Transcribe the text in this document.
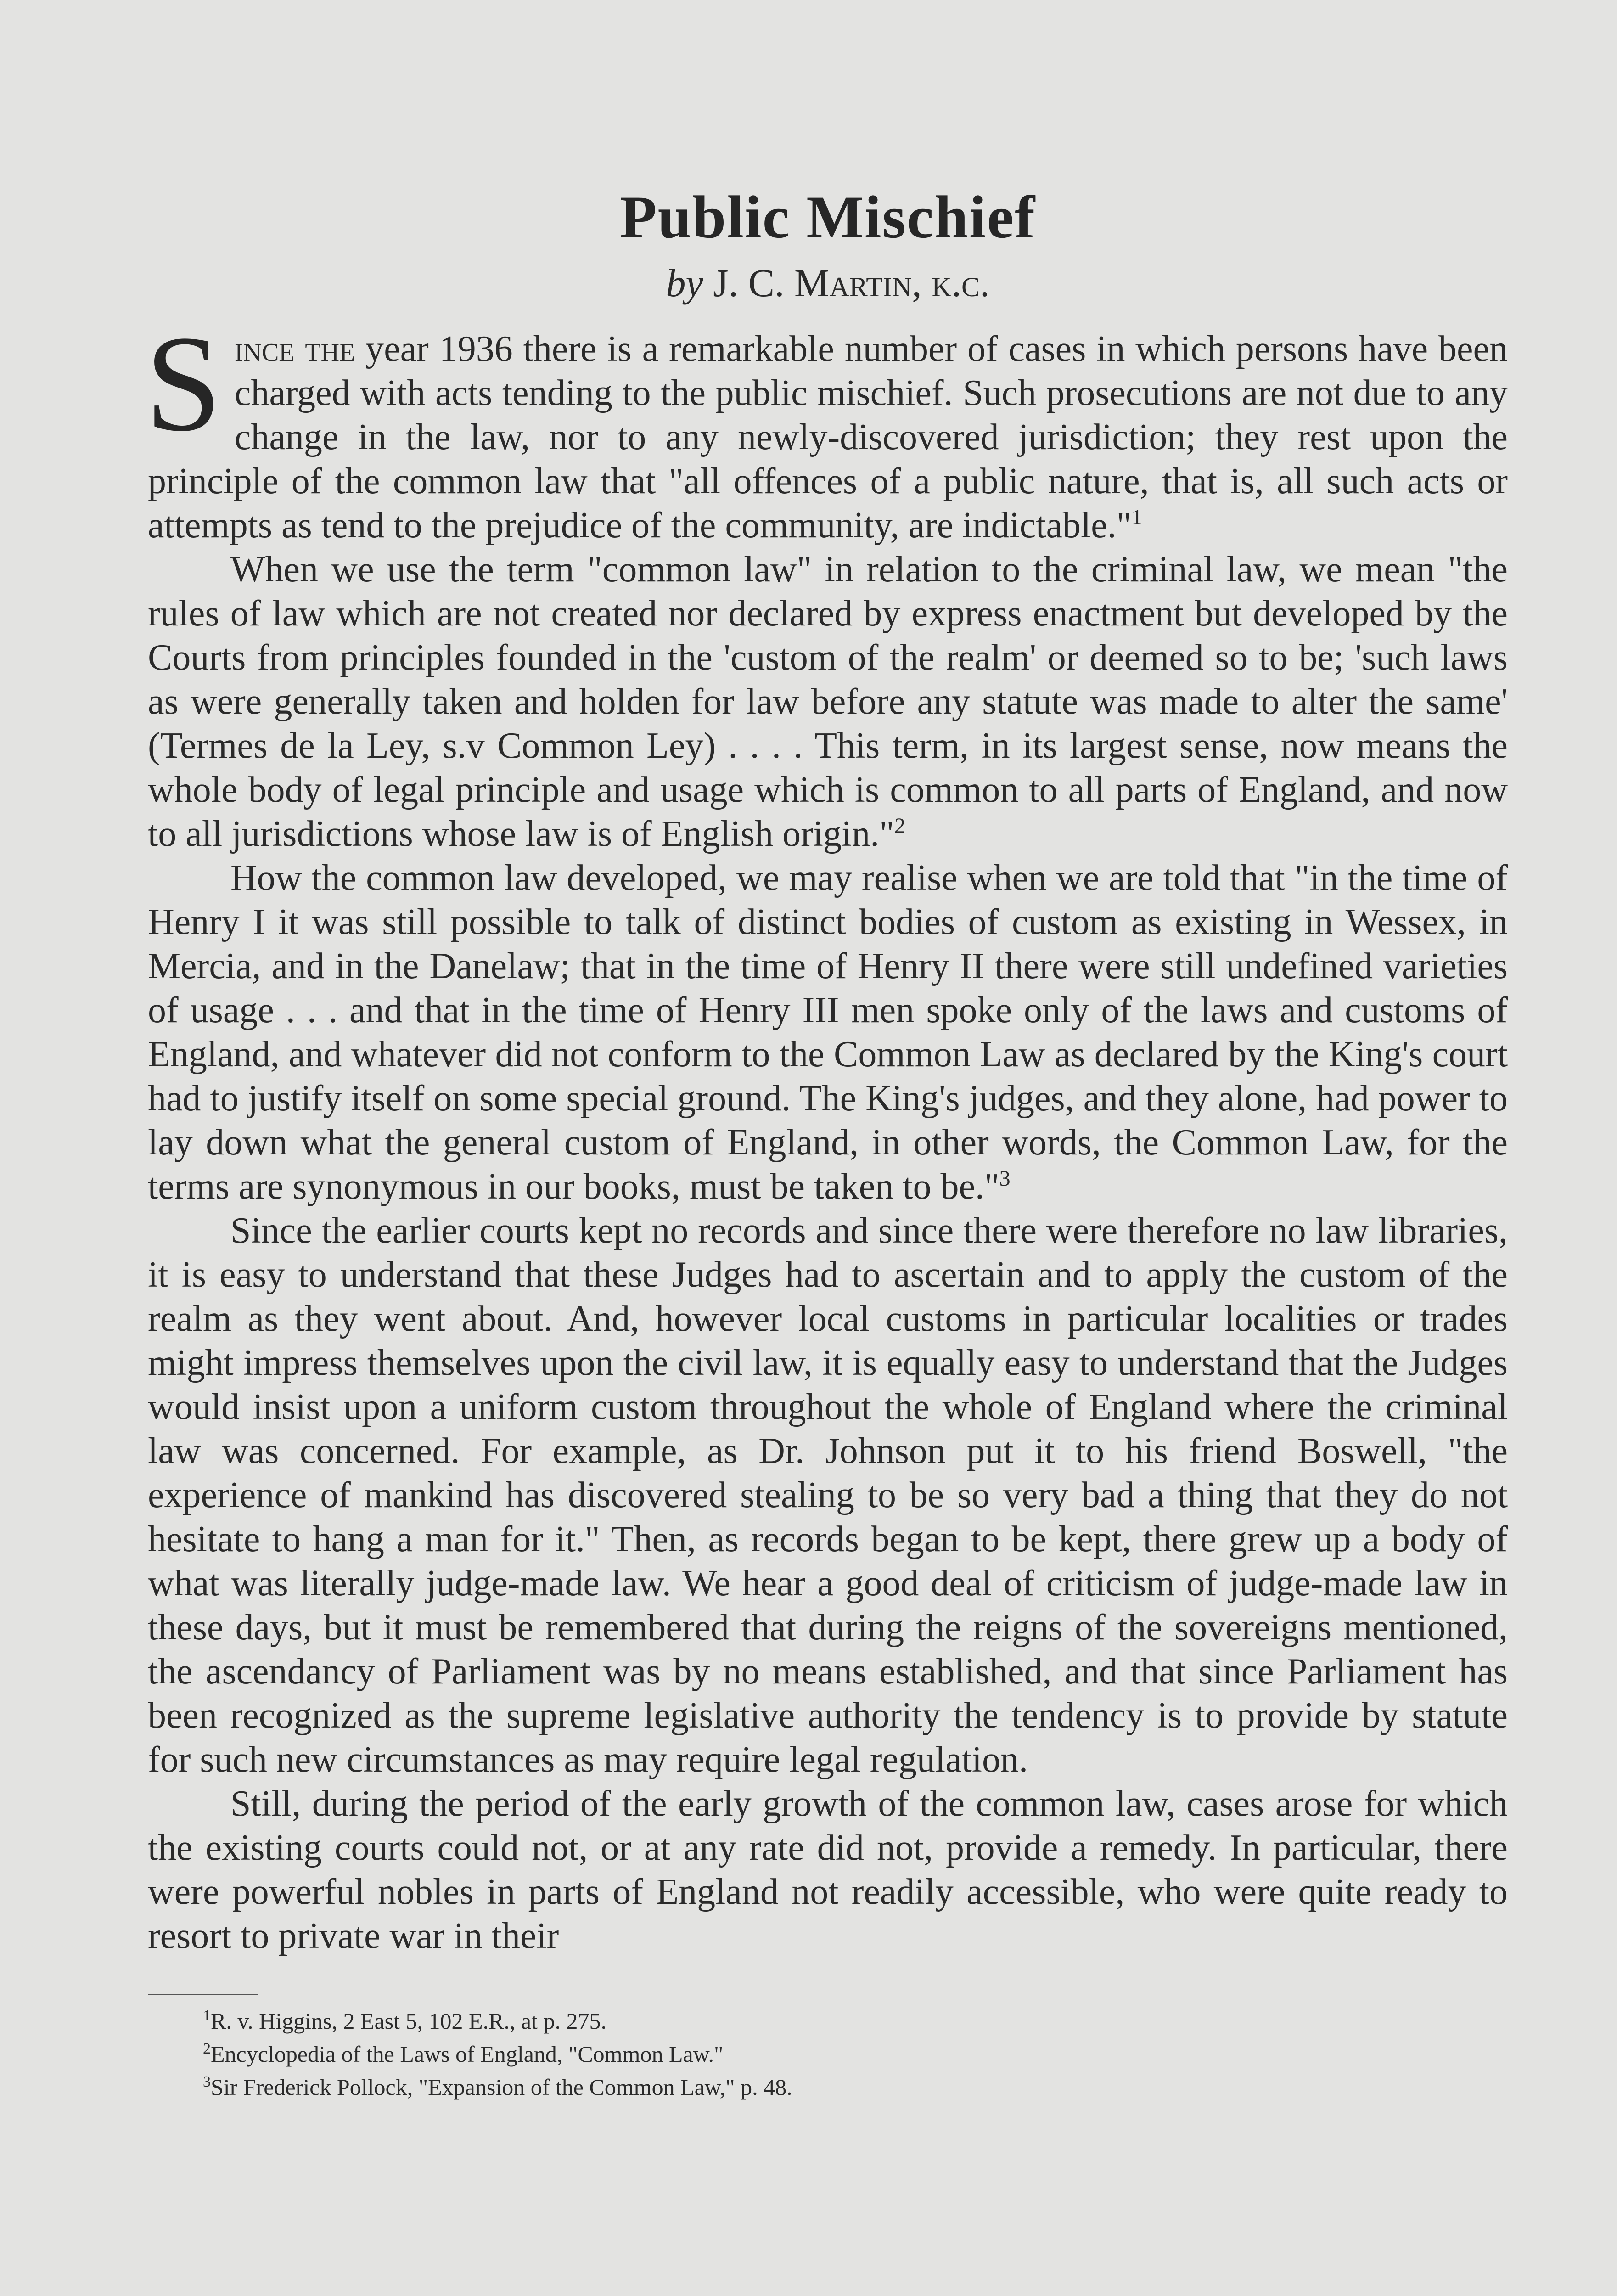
Public Mischief
by J. C. Martin, k.c.

Since the year 1936 there is a remarkable number of cases in which persons have been charged with acts tending to the public mischief. Such prosecutions are not due to any change in the law, nor to any newly-discovered jurisdiction; they rest upon the principle of the common law that "all offences of a public nature, that is, all such acts or attempts as tend to the prejudice of the community, are indictable."$^1$

When we use the term "common law" in relation to the criminal law, we mean "the rules of law which are not created nor declared by express enactment but developed by the Courts from principles founded in the 'custom of the realm' or deemed so to be; 'such laws as were generally taken and holden for law before any statute was made to alter the same' (Termes de la Ley, s.v Common Ley) . . . . This term, in its largest sense, now means the whole body of legal principle and usage which is common to all parts of England, and now to all jurisdictions whose law is of English origin."$^2$

How the common law developed, we may realise when we are told that "in the time of Henry I it was still possible to talk of distinct bodies of custom as existing in Wessex, in Mercia, and in the Danelaw; that in the time of Henry II there were still undefined varieties of usage . . . and that in the time of Henry III men spoke only of the laws and customs of England, and whatever did not conform to the Common Law as declared by the King's court had to justify itself on some special ground. The King's judges, and they alone, had power to lay down what the general custom of England, in other words, the Common Law, for the terms are synonymous in our books, must be taken to be."$^3$

Since the earlier courts kept no records and since there were therefore no law libraries, it is easy to understand that these Judges had to ascertain and to apply the custom of the realm as they went about. And, however local customs in particular localities or trades might impress themselves upon the civil law, it is equally easy to understand that the Judges would insist upon a uniform custom throughout the whole of England where the criminal law was concerned. For example, as Dr. Johnson put it to his friend Boswell, "the experience of mankind has discovered stealing to be so very bad a thing that they do not hesitate to hang a man for it." Then, as records began to be kept, there grew up a body of what was literally judge-made law. We hear a good deal of criticism of judge-made law in these days, but it must be remembered that during the reigns of the sovereigns mentioned, the ascendancy of Parliament was by no means established, and that since Parliament has been recognized as the supreme legislative authority the tendency is to provide by statute for such new circumstances as may require legal regulation.

Still, during the period of the early growth of the common law, cases arose for which the existing courts could not, or at any rate did not, provide a remedy. In particular, there were powerful nobles in parts of England not readily accessible, who were quite ready to resort to private war in their

$^1$R. v. Higgins, 2 East 5, 102 E.R., at p. 275.
$^2$Encyclopedia of the Laws of England, "Common Law."
$^3$Sir Frederick Pollock, "Expansion of the Common Law," p. 48.
